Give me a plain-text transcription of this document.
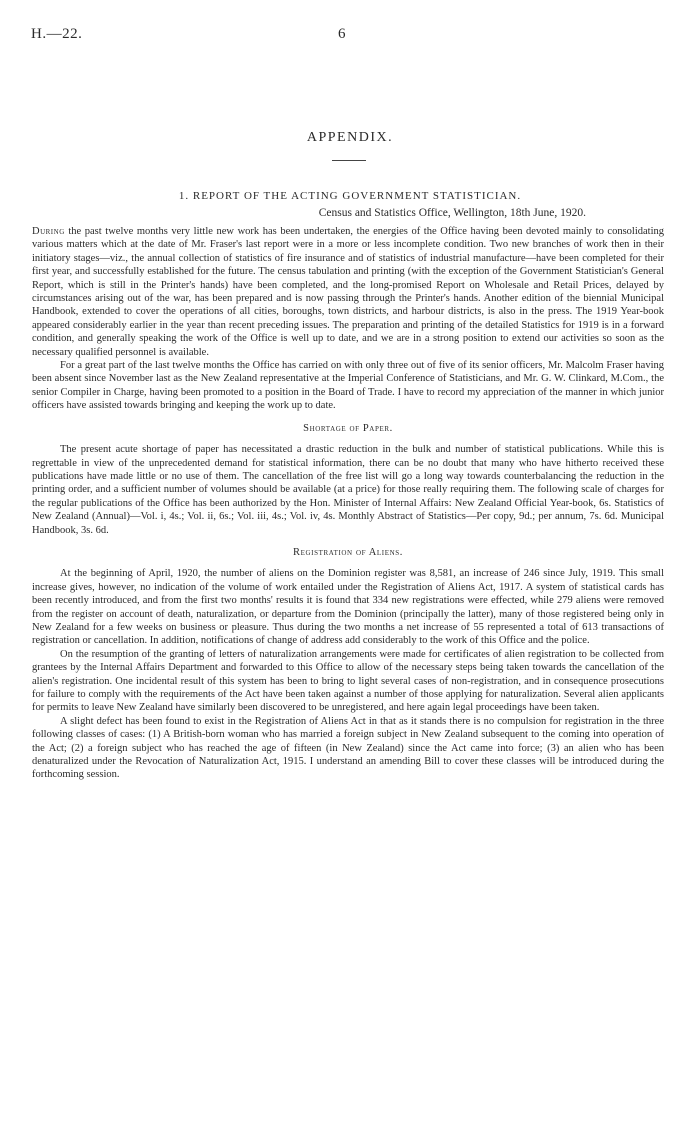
H.—22.	6
APPENDIX.
1. REPORT OF THE ACTING GOVERNMENT STATISTICIAN.
Census and Statistics Office, Wellington, 18th June, 1920.

During the past twelve months very little new work has been undertaken, the energies of the Office having been devoted mainly to consolidating various matters which at the date of Mr. Fraser's last report were in a more or less incomplete condition. Two new branches of work then in their initiatory stages—viz., the annual collection of statistics of fire insurance and of statistics of industrial manufacture—have been completed for their first year, and successfully established for the future. The census tabulation and printing (with the exception of the Government Statistician's General Report, which is still in the Printer's hands) have been completed, and the long-promised Report on Wholesale and Retail Prices, delayed by circumstances arising out of the war, has been prepared and is now passing through the Printer's hands. Another edition of the biennial Municipal Handbook, extended to cover the operations of all cities, boroughs, town districts, and harbour districts, is also in the press. The 1919 Year-book appeared considerably earlier in the year than recent preceding issues. The preparation and printing of the detailed Statistics for 1919 is in a forward condition, and generally speaking the work of the Office is well up to date, and we are in a strong position to extend our activities so soon as the necessary qualified personnel is available.

For a great part of the last twelve months the Office has carried on with only three out of five of its senior officers, Mr. Malcolm Fraser having been absent since November last as the New Zealand representative at the Imperial Conference of Statisticians, and Mr. G. W. Clinkard, M.Com., the senior Compiler in Charge, having been promoted to a position in the Board of Trade. I have to record my appreciation of the manner in which junior officers have assisted towards bringing and keeping the work up to date.

Shortage of Paper.

The present acute shortage of paper has necessitated a drastic reduction in the bulk and number of statistical publications. While this is regrettable in view of the unprecedented demand for statistical information, there can be no doubt that many who have hitherto received these publications have made little or no use of them. The cancellation of the free list will go a long way towards counterbalancing the reduction in the printing order, and a sufficient number of volumes should be available (at a price) for those really requiring them. The following scale of charges for the regular publications of the Office has been authorized by the Hon. Minister of Internal Affairs: New Zealand Official Year-book, 6s. Statistics of New Zealand (Annual)—Vol. i, 4s.; Vol. ii, 6s.; Vol. iii, 4s.; Vol. iv, 4s. Monthly Abstract of Statistics—Per copy, 9d.; per annum, 7s. 6d. Municipal Handbook, 3s. 6d.

Registration of Aliens.

At the beginning of April, 1920, the number of aliens on the Dominion register was 8,581, an increase of 246 since July, 1919. This small increase gives, however, no indication of the volume of work entailed under the Registration of Aliens Act, 1917. A system of statistical cards has been recently introduced, and from the first two months' results it is found that 334 new registrations were effected, while 279 aliens were removed from the register on account of death, naturalization, or departure from the Dominion (principally the latter), many of those registered being only in New Zealand for a few weeks on business or pleasure. Thus during the two months a net increase of 55 represented a total of 613 transactions of registration or cancellation. In addition, notifications of change of address add considerably to the work of this Office and the police.

On the resumption of the granting of letters of naturalization arrangements were made for certificates of alien registration to be collected from grantees by the Internal Affairs Department and forwarded to this Office to allow of the necessary steps being taken towards the cancellation of the alien's registration. One incidental result of this system has been to bring to light several cases of non-registration, and in consequence prosecutions for failure to comply with the requirements of the Act have been taken against a number of those applying for naturalization. Several alien applicants for permits to leave New Zealand have similarly been discovered to be unregistered, and here again legal proceedings have been taken.

A slight defect has been found to exist in the Registration of Aliens Act in that as it stands there is no compulsion for registration in the three following classes of cases: (1) A British-born woman who has married a foreign subject in New Zealand subsequent to the coming into operation of the Act; (2) a foreign subject who has reached the age of fifteen (in New Zealand) since the Act came into force; (3) an alien who has been denaturalized under the Revocation of Naturalization Act, 1915. I understand an amending Bill to cover these classes will be introduced during the forthcoming session.
